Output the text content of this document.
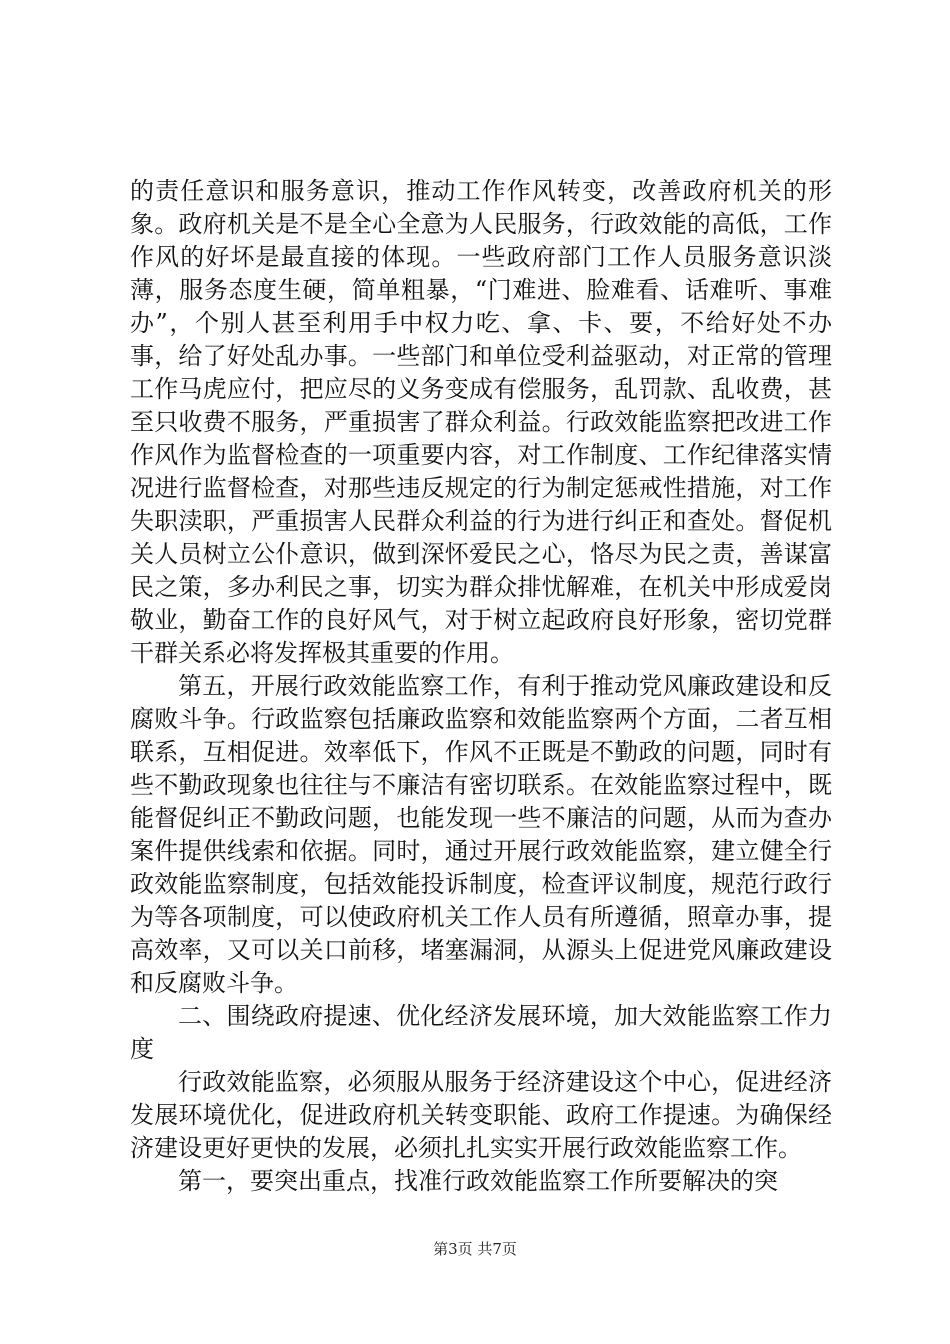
的责任意识和服务意识，推动工作作风转变，改善政府机关的形象。政府机关是不是全心全意为人民服务，行政效能的高低，工作作风的好坏是最直接的体现。一些政府部门工作人员服务意识淡薄，服务态度生硬，简单粗暴，“门难进、脸难看、话难听、事难办”，个别人甚至利用手中权力吃、拿、卡、要，不给好处不办事，给了好处乱办事。一些部门和单位受利益驱动，对正常的管理工作马虎应付，把应尽的义务变成有偿服务，乱罚款、乱收费，甚至只收费不服务，严重损害了群众利益。行政效能监察把改进工作作风作为监督检查的一项重要内容，对工作制度、工作纪律落实情况进行监督检查，对那些违反规定的行为制定惩戒性措施，对工作失职渎职，严重损害人民群众利益的行为进行纠正和查处。督促机关人员树立公仆意识，做到深怀爱民之心，恪尽为民之责，善谋富民之策，多办利民之事，切实为群众排忧解难，在机关中形成爱岗敬业，勤奋工作的良好风气，对于树立起政府良好形象，密切党群干群关系必将发挥极其重要的作用。

第五，开展行政效能监察工作，有利于推动党风廉政建设和反腐败斗争。行政监察包括廉政监察和效能监察两个方面，二者互相联系，互相促进。效率低下，作风不正既是不勤政的问题，同时有些不勤政现象也往往与不廉洁有密切联系。在效能监察过程中，既能督促纠正不勤政问题，也能发现一些不廉洁的问题，从而为查办案件提供线索和依据。同时，通过开展行政效能监察，建立健全行政效能监察制度，包括效能投诉制度，检查评议制度，规范行政行为等各项制度，可以使政府机关工作人员有所遵循，照章办事，提高效率，又可以关口前移，堵塞漏洞，从源头上促进党风廉政建设和反腐败斗争。

二、围绕政府提速、优化经济发展环境，加大效能监察工作力度

行政效能监察，必须服从服务于经济建设这个中心，促进经济发展环境优化，促进政府机关转变职能、政府工作提速。为确保经济建设更好更快的发展，必须扎扎实实开展行政效能监察工作。

第一，要突出重点，找准行政效能监察工作所要解决的突

第3页 共7页
